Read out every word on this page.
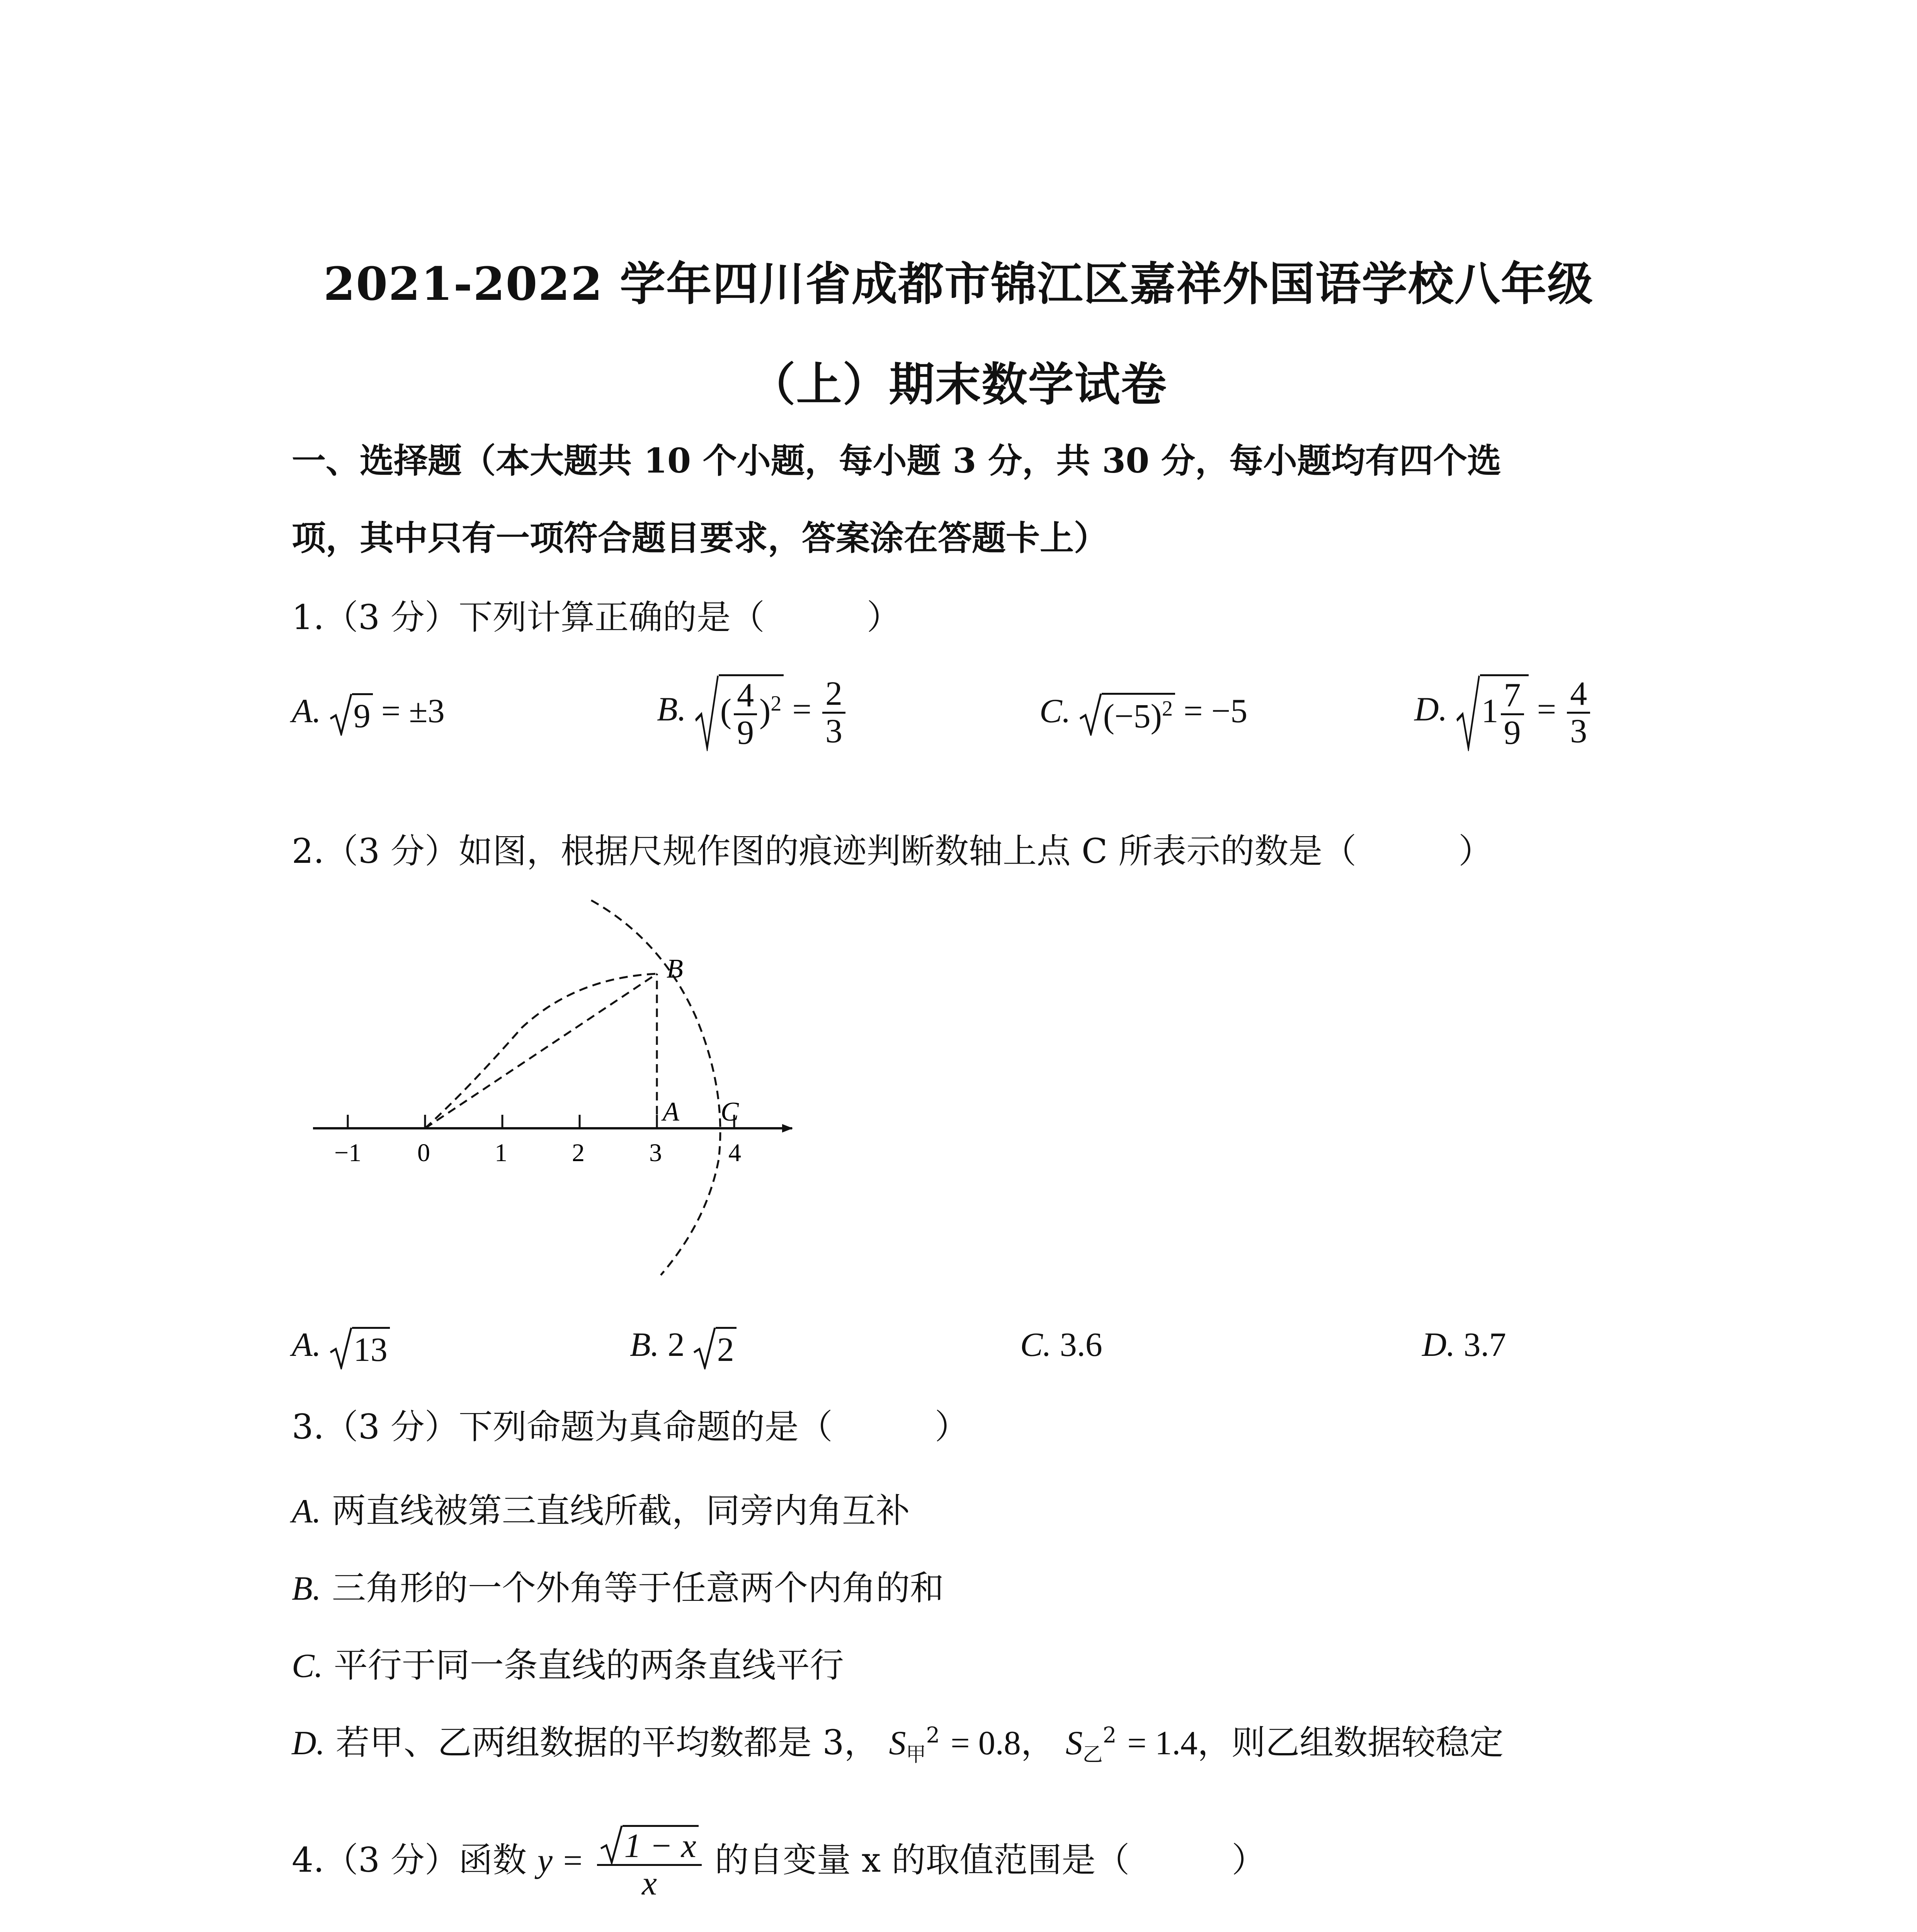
2021-2022 学年四川省成都市锦江区嘉祥外国语学校八年级
（上）期末数学试卷
一、选择题（本大题共 10 个小题，每小题 3 分，共 30 分，每小题均有四个选
项，其中只有一项符合题目要求，答案涂在答题卡上）
1.（3 分）下列计算正确的是（　　　）
A. 9 = ±3	B. ( $\frac{4}{9} )^2 = \frac{2}{3}$	C. $(-5)^2 = -5$	D. $1 \frac{7}{9} = \frac{4}{3}$
2.（3 分）如图，根据尺规作图的痕迹判断数轴上点 C 所表示的数是（　　　）
−1 0	1	2	3	4
B
A C
A. 13	B. 2 2	C. 3.6	D. 3.7
3.（3 分）下列命题为真命题的是（　　　）
A. 两直线被第三直线所截，同旁内角互补
B. 三角形的一个外角等于任意两个内角的和
C. 平行于同一条直线的两条直线平行
D. 若甲、乙两组数据的平均数都是 3， $S_甲^2 = 0.8$， $S_乙^2 = 1.4$，则乙组数据较稳定
4.（3 分）函数 $y = \frac{1 - x}{x}$ 的自变量 x 的取值范围是（　　　）
